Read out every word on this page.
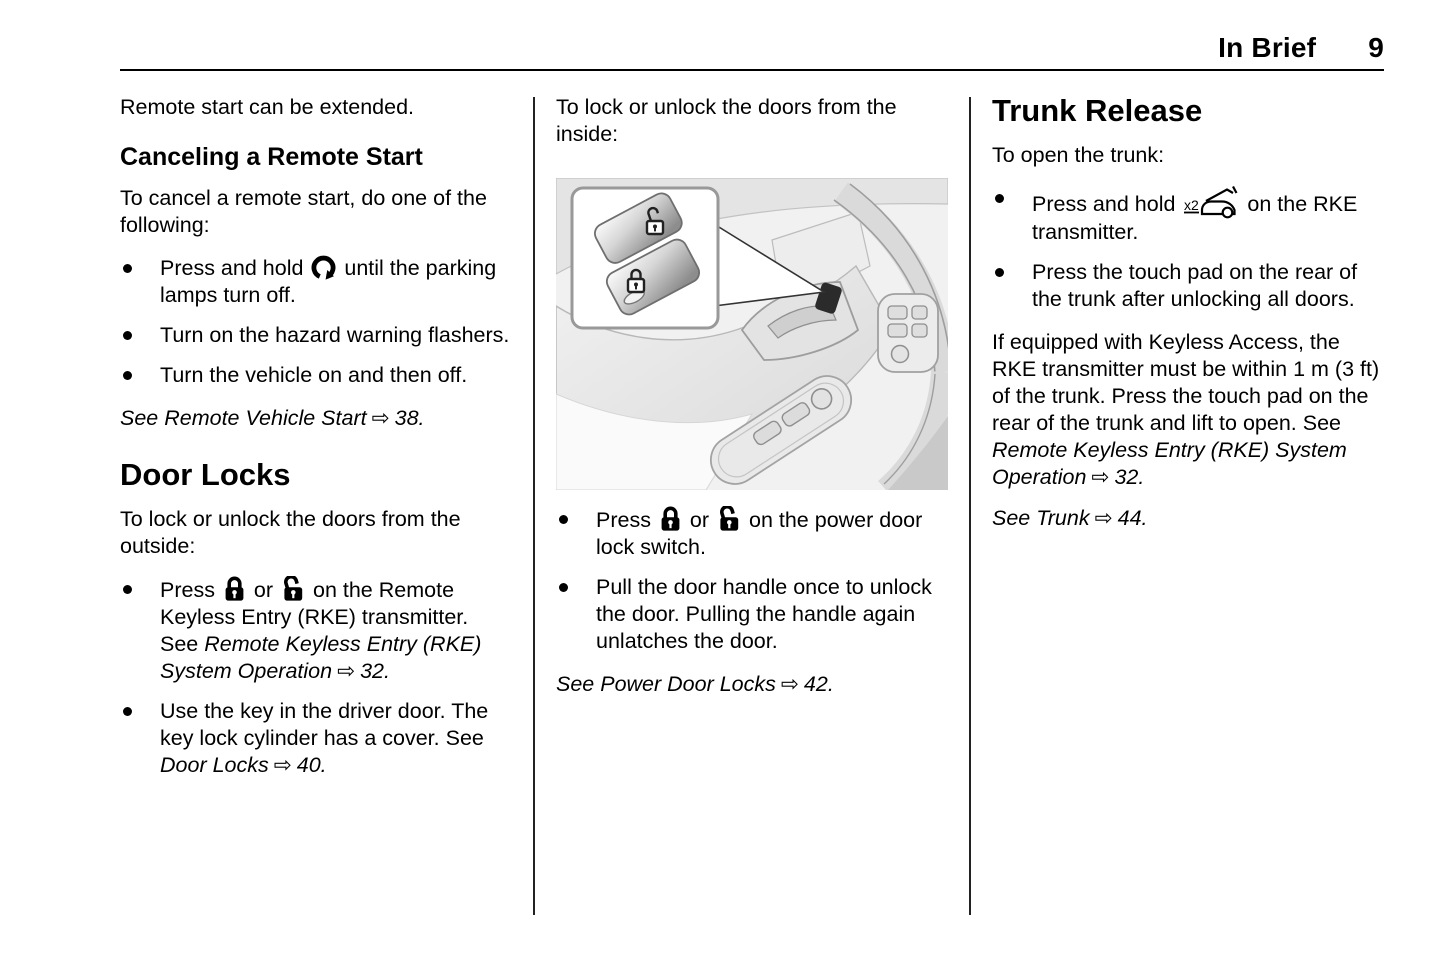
In Brief 9

Remote start can be extended.

Canceling a Remote Start

To cancel a remote start, do one of the following:

Press and hold  until the parking lamps turn off.
Turn on the hazard warning flashers.
Turn the vehicle on and then off.

See Remote Vehicle Start ⇨ 38.

Door Locks

To lock or unlock the doors from the outside:

Press  or  on the Remote Keyless Entry (RKE) transmitter. See Remote Keyless Entry (RKE) System Operation ⇨ 32.
Use the key in the driver door. The key lock cylinder has a cover. See Door Locks ⇨ 40.

To lock or unlock the doors from the inside:

Press  or  on the power door lock switch.
Pull the door handle once to unlock the door. Pulling the handle again unlatches the door.

See Power Door Locks ⇨ 42.

Trunk Release

To open the trunk:

Press and hold x2 on the RKE transmitter.
Press the touch pad on the rear of the trunk after unlocking all doors.

If equipped with Keyless Access, the RKE transmitter must be within 1 m (3 ft) of the trunk. Press the touch pad on the rear of the trunk and lift to open. See Remote Keyless Entry (RKE) System Operation ⇨ 32.

See Trunk ⇨ 44.
